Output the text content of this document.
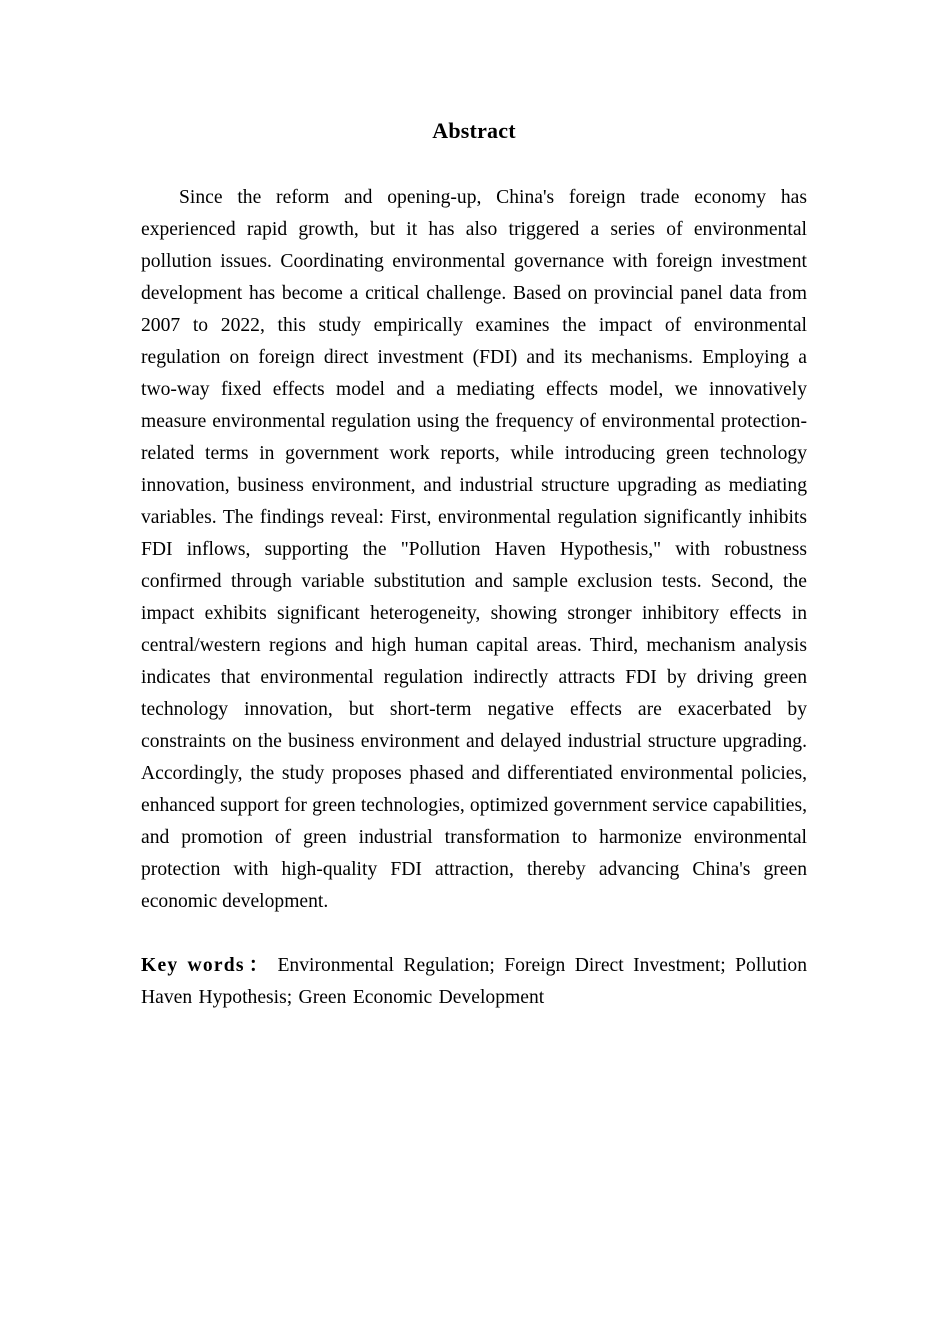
Abstract

Since the reform and opening-up, China's foreign trade economy has experienced rapid growth, but it has also triggered a series of environmental pollution issues. Coordinating environmental governance with foreign investment development has become a critical challenge. Based on provincial panel data from 2007 to 2022, this study empirically examines the impact of environmental regulation on foreign direct investment (FDI) and its mechanisms. Employing a two-way fixed effects model and a mediating effects model, we innovatively measure environmental regulation using the frequency of environmental protection-related terms in government work reports, while introducing green technology innovation, business environment, and industrial structure upgrading as mediating variables. The findings reveal: First, environmental regulation significantly inhibits FDI inflows, supporting the "Pollution Haven Hypothesis," with robustness confirmed through variable substitution and sample exclusion tests. Second, the impact exhibits significant heterogeneity, showing stronger inhibitory effects in central/western regions and high human capital areas. Third, mechanism analysis indicates that environmental regulation indirectly attracts FDI by driving green technology innovation, but short-term negative effects are exacerbated by constraints on the business environment and delayed industrial structure upgrading. Accordingly, the study proposes phased and differentiated environmental policies, enhanced support for green technologies, optimized government service capabilities, and promotion of green industrial transformation to harmonize environmental protection with high-quality FDI attraction, thereby advancing China's green economic development.

Key words： Environmental Regulation; Foreign Direct Investment; Pollution Haven Hypothesis; Green Economic Development
